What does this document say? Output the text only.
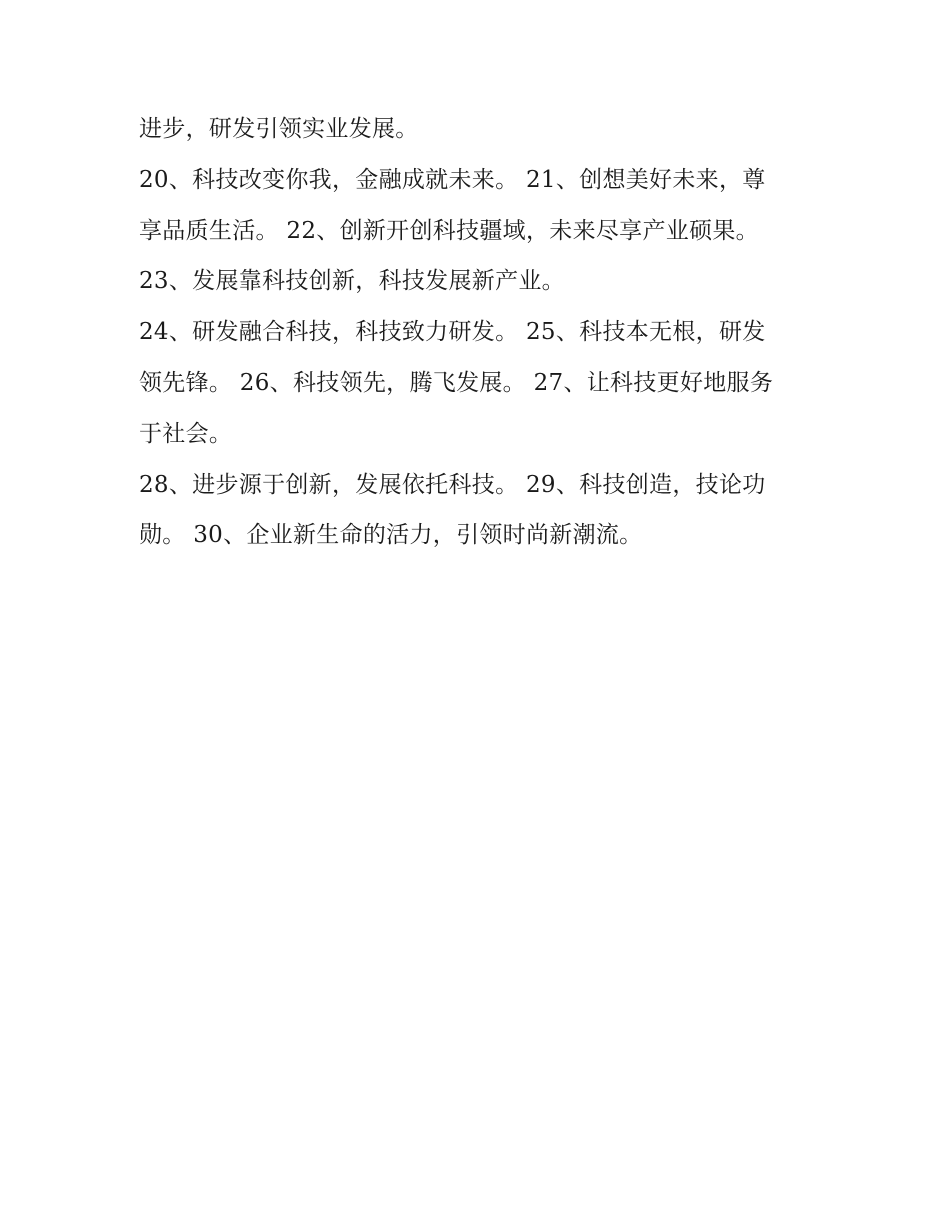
进步，研发引领实业发展。
20、科技改变你我，金融成就未来。 21、创想美好未来，尊
享品质生活。 22、创新开创科技疆域，未来尽享产业硕果。
23、发展靠科技创新，科技发展新产业。
24、研发融合科技，科技致力研发。 25、科技本无根，研发
领先锋。 26、科技领先，腾飞发展。 27、让科技更好地服务
于社会。
28、进步源于创新，发展依托科技。 29、科技创造，技论功
勋。 30、企业新生命的活力，引领时尚新潮流。
